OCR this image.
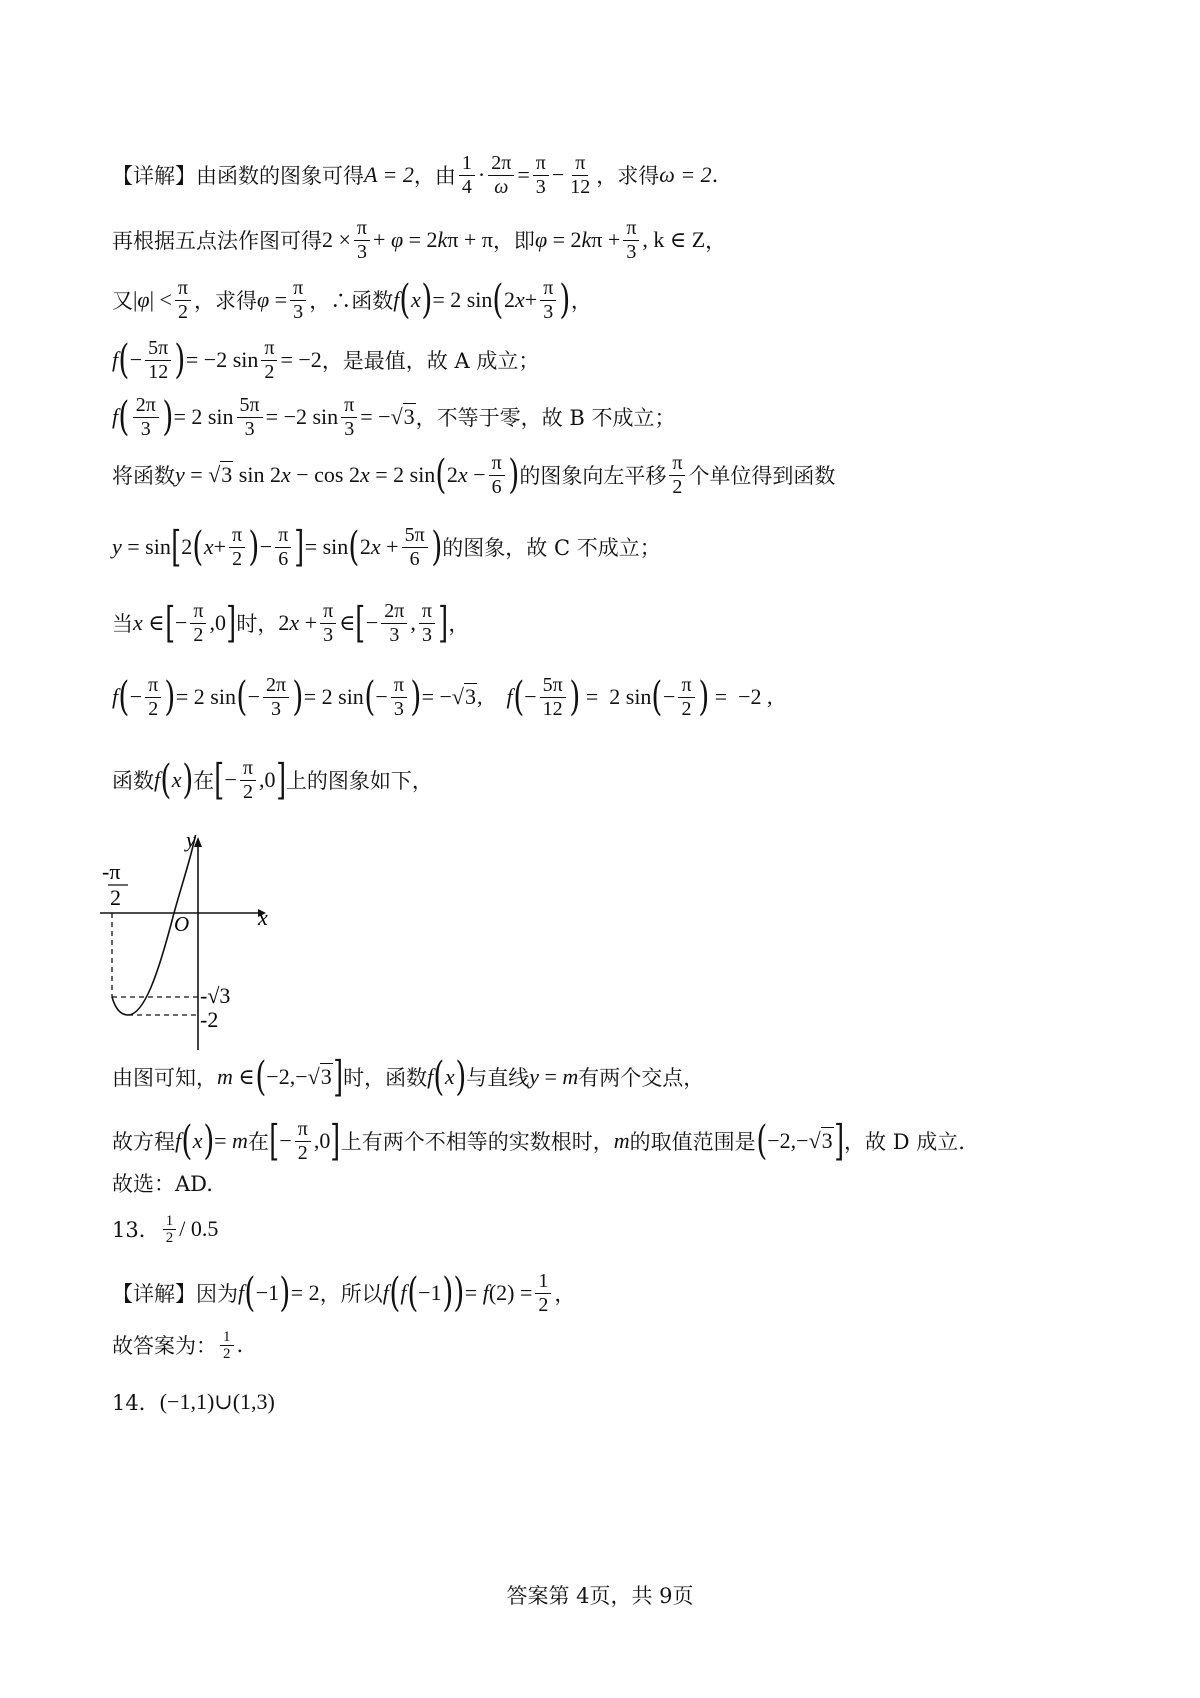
【详解】由函数的图象可得 A = 2 ，由 $\frac{1}{4} \cdot \frac{2\pi}{\omega} = \frac{\pi}{3} - \frac{\pi}{12}$ ，求得 ω = 2 .
再根据五点法作图可得 $2 \times \frac{\pi}{3} + \varphi = 2k\pi + \pi$ ，即 $\varphi = 2k\pi + \frac{\pi}{3}$ , k ∈ Z ，
又 $|\varphi| < \frac{\pi}{2}$ ，求得 $\varphi = \frac{\pi}{3}$ ，∴函数 f ( x ) = 2 sin ( $2x+ \frac{\pi}{3}$ ) ，
f ( − $\frac{5\pi}{12}$ ) = −2 $\sin \frac{\pi}{2} = -2$ ，是最值，故 A 成立；
f ( $\frac{2\pi}{3}$ ) = 2 $\sin \frac{5\pi}{3} = -2$ $\sin \frac{\pi}{3} = -√3$ ，不等于零，故 B 不成立；
将函数 y = √3 sin 2x − cos 2x = 2 sin ( $2x - \frac{\pi}{6}$ ) 的图象向左平移 $\frac{\pi}{2}$ 个单位得到函数
y = sin [ 2 ( $x + \frac{\pi}{2}$ ) − $\frac{\pi}{6}$ ] = sin ( $2x + \frac{5\pi}{6}$ ) 的图象，故 C 不成立；
当 x ∈ [ − $\frac{\pi}{2} ,0$ ] 时， $2x + \frac{\pi}{3}$ ∈ [ − $\frac{2\pi}{3}$ , $\frac{\pi}{3}$ ] ，
f ( − $\frac{\pi}{2}$ ) = 2 sin ( − $\frac{2\pi}{3}$ ) = 2 sin ( − $\frac{\pi}{3}$ ) = −√3, f ( − $\frac{5\pi}{12}$ ) =  2 sin ( − $\frac{\pi}{2}$ ) =  −2 ,
函数 f ( x ) 在 [ − $\frac{\pi}{2} ,0$ ] 上的图象如下，
y
x
O
-π
2
-√3
-2
由图可知， m ∈ ( −2,−√3 ] 时，函数 f ( x ) 与直线 y = m 有两个交点，
故方程 f ( x ) = m 在 [ − $\frac{\pi}{2} ,0$ ] 上有两个不相等的实数根时， m 的取值范围是 ( −2,−√3 ] ，故 D 成立.
故选：AD.
13． $\frac{1}{2} / 0.5$
【详解】因为 f ( −1 ) = 2 ，所以 f ( f ( −1 ) ) = $f(2) = \frac{1}{2}$ ，
故答案为： $\frac{1}{2}$ .
14． (−1,1)∪(1,3)
答案第 4页，共 9页
